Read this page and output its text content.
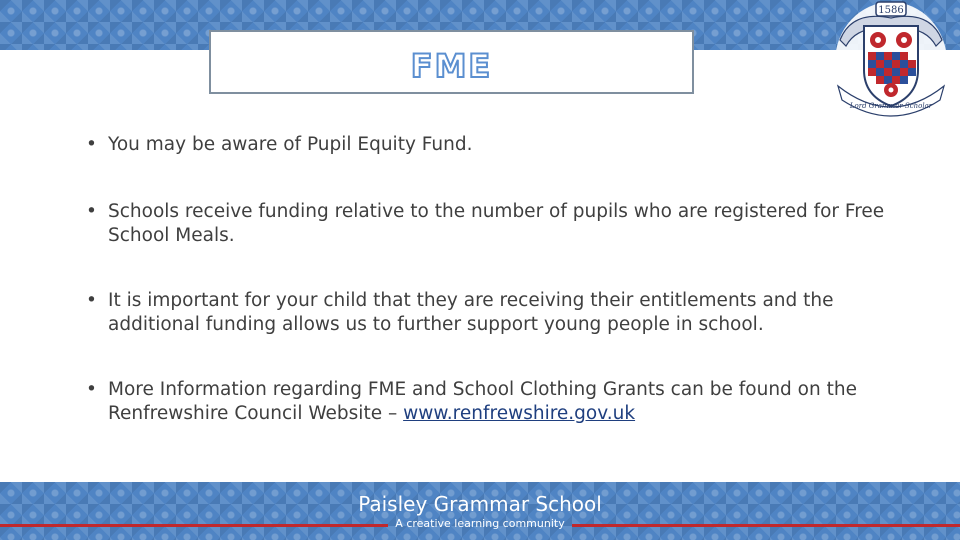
FME
1586
Lord Grammar Scholar
• You may be aware of Pupil Equity Fund.
• Schools receive funding relative to the number of pupils who are registered for Free School Meals.
• It is important for your child that they are receiving their entitlements and the additional funding allows us to further support young people in school.
• More Information regarding FME and School Clothing Grants can be found on the Renfrewshire Council Website – www.renfrewshire.gov.uk
Paisley Grammar School
A creative learning community
